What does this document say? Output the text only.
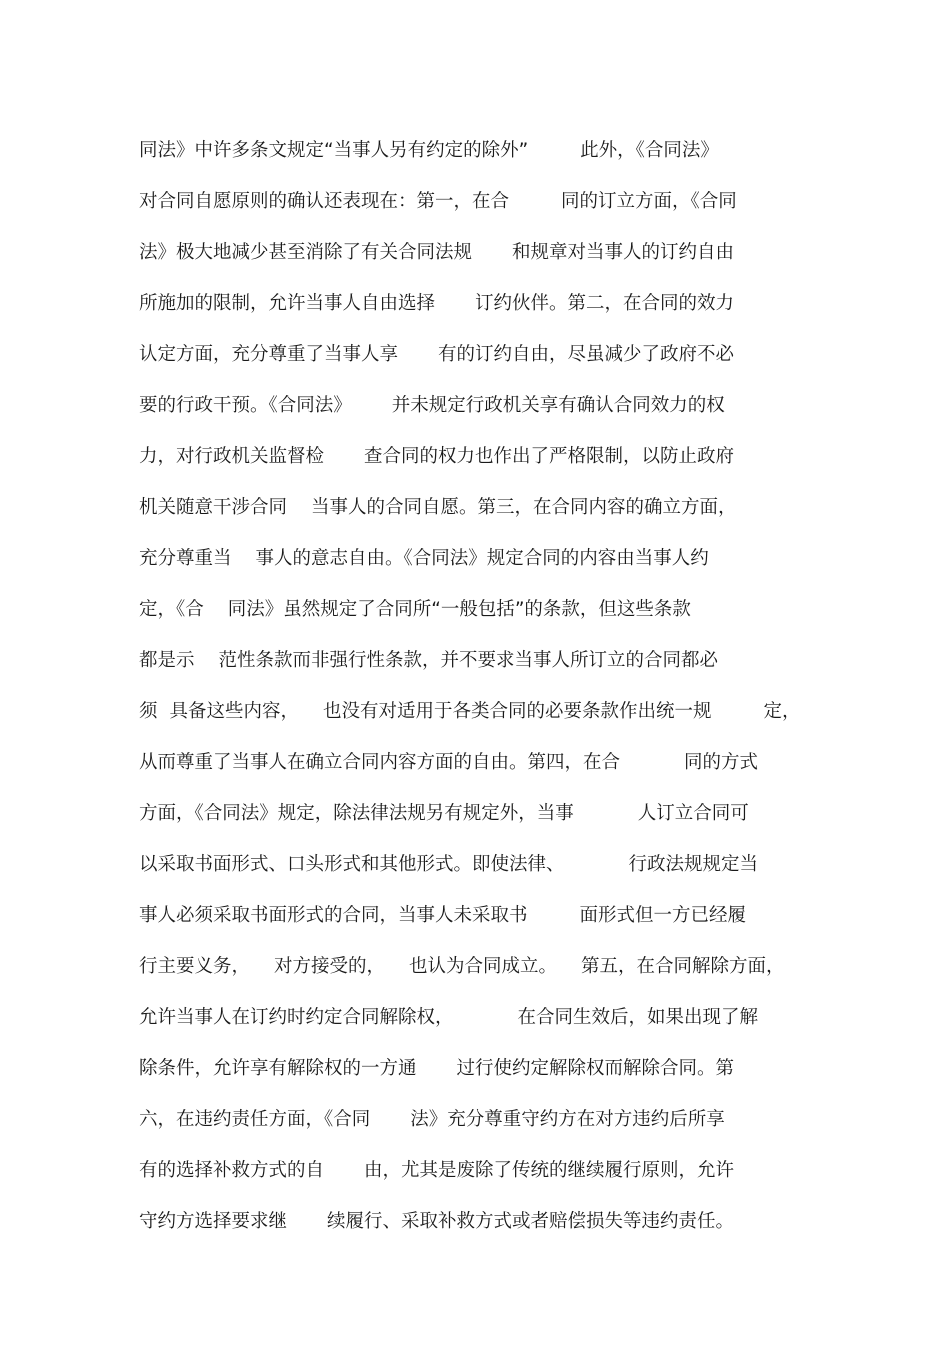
同法》中许多条文规定“当事人另有约定的除外”	此外，《合同法》
对合同自愿原则的确认还表现在：第一，在合	同的订立方面，《合同
法》极大地减少甚至消除了有关合同法规 和规章对当事人的订约自由
所施加的限制，允许当事人自由选择 订约伙伴。第二，在合同的效力
认定方面，充分尊重了当事人享 有的订约自由，尽虽减少了政府不必
要的行政干预。《合同法》 并未规定行政机关享有确认合同效力的权
力，对行政机关监督检 查合同的权力也作出了严格限制，以防止政府
机关随意干涉合同 当事人的合同自愿。第三，在合同内容的确立方面，
充分尊重当 事人的意志自由。《合同法》规定合同的内容由当事人约
定，《合 同法》虽然规定了合同所“一般包括”的条款，但这些条款
都是示 范性条款而非强行性条款，并不要求当事人所订立的合同都必
须 具备这些内容， 也没有对适用于各类合同的必要条款作出统一规	定，
从而尊重了当事人在确立合同内容方面的自由。第四，在合	同的方式
方面，《合同法》规定，除法律法规另有规定外，当事	人订立合同可
以采取书面形式、口头形式和其他形式。即使法律、	行政法规规定当
事人必须采取书面形式的合同，当事人未采取书	面形式但一方已经履
行主要义务， 对方接受的， 也认为合同成立。 第五，在合同解除方面，
允许当事人在订约时约定合同解除权，	在合同生效后，如果出现了解
除条件，允许享有解除权的一方通 过行使约定解除权而解除合同。第
六，在违约责任方面，《合同 法》充分尊重守约方在对方违约后所享
有的选择补救方式的自 由，尤其是废除了传统的继续履行原则，允许
守约方选择要求继 续履行、采取补救方式或者赔偿损失等违约责任。
